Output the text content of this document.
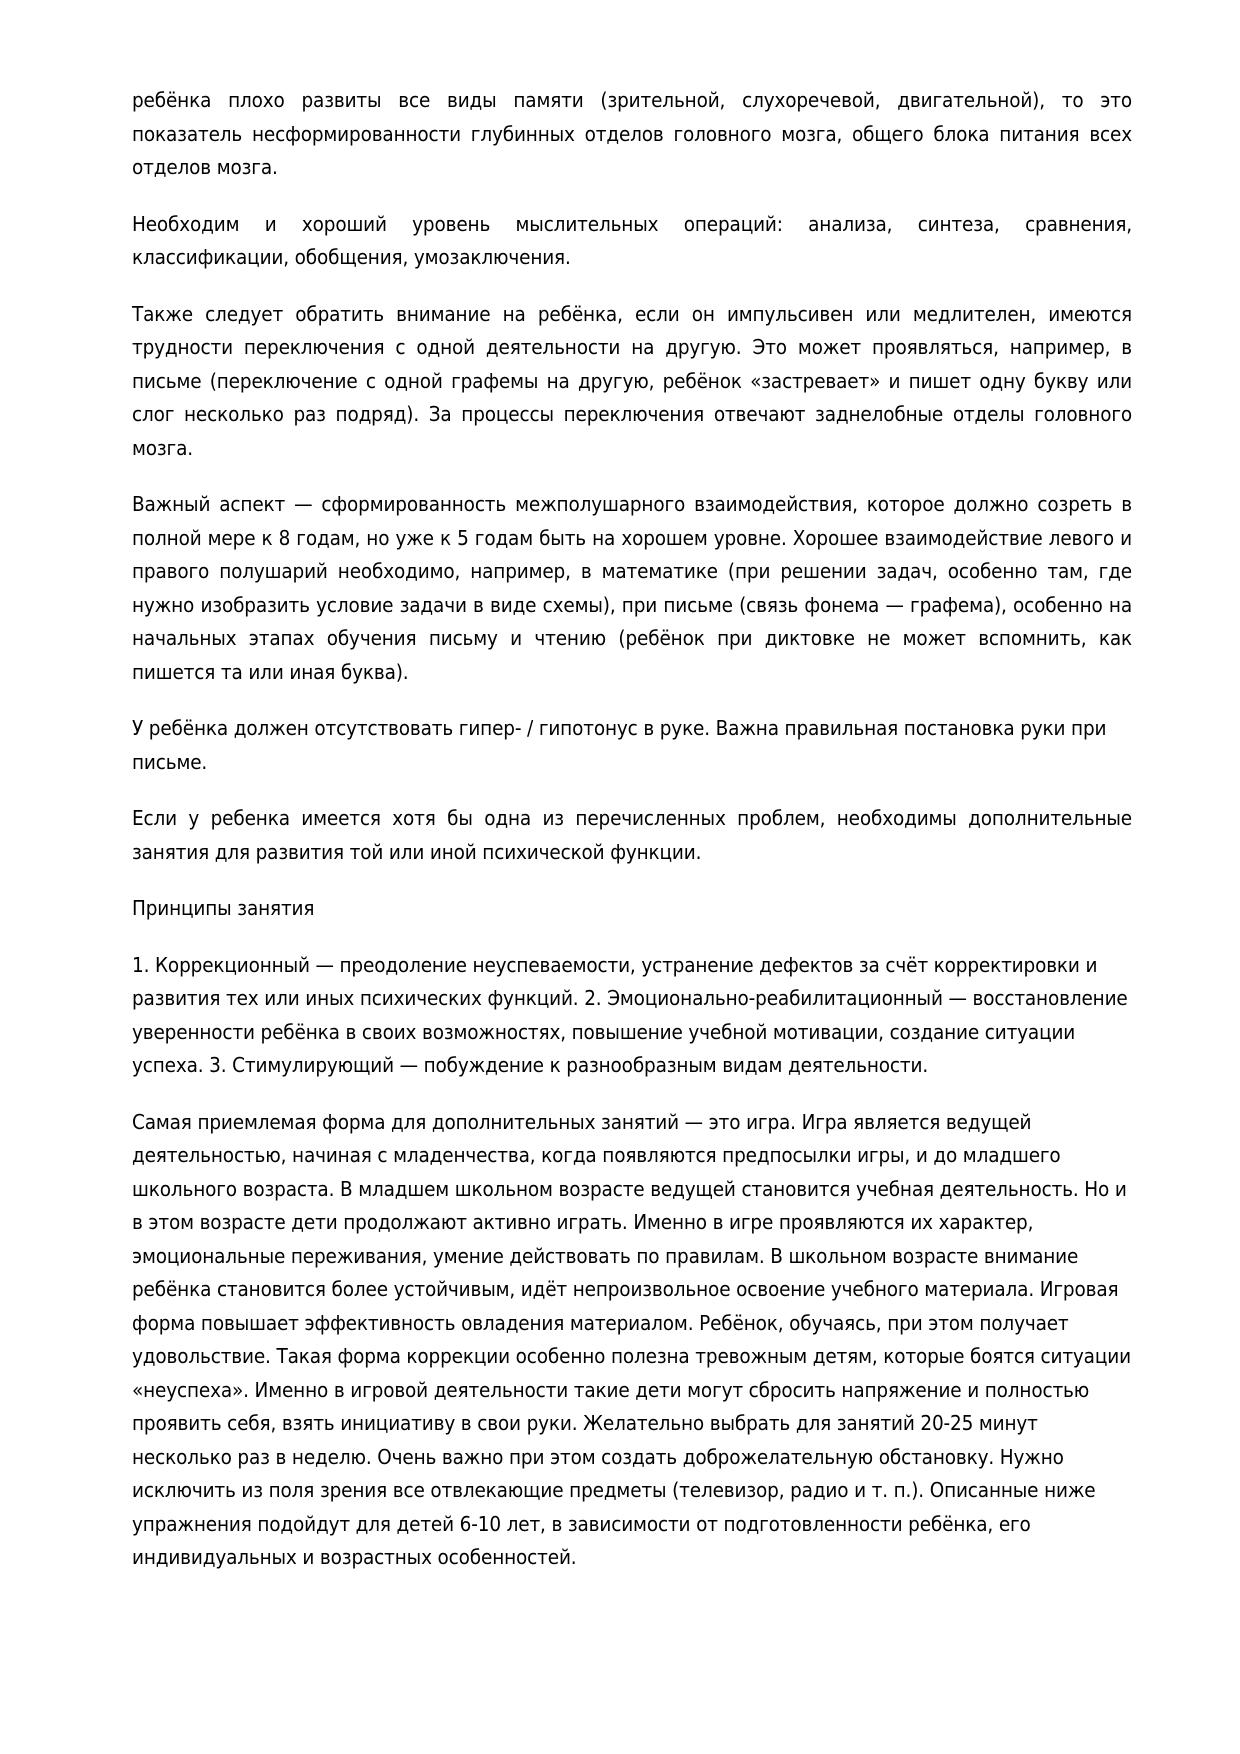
ребёнка плохо развиты все виды памяти (зрительной, слухоречевой, двигательной), то это показатель несформированности глубинных отделов головного мозга, общего блока питания всех отделов мозга.

Необходим и хороший уровень мыслительных операций: анализа, синтеза, сравнения, классификации, обобщения, умозаключения.

Также следует обратить внимание на ребёнка, если он импульсивен или медлителен, имеются трудности переключения с одной деятельности на другую. Это может проявляться, например, в письме (переключение с одной графемы на другую, ребёнок «застревает» и пишет одну букву или слог несколько раз подряд). За процессы переключения отвечают заднелобные отделы головного мозга.

Важный аспект — сформированность межполушарного взаимодействия, которое должно созреть в полной мере к 8 годам, но уже к 5 годам быть на хорошем уровне. Хорошее взаимодействие левого и правого полушарий необходимо, например, в математике (при решении задач, особенно там, где нужно изобразить условие задачи в виде схемы), при письме (связь фонема — графема), особенно на начальных этапах обучения письму и чтению (ребёнок при диктовке не может вспомнить, как пишется та или иная буква).

У ребёнка должен отсутствовать гипер- / гипотонус в руке. Важна правильная постановка руки при письме.

Если у ребенка имеется хотя бы одна из перечисленных проблем, необходимы дополнительные занятия для развития той или иной психической функции.

Принципы занятия

1. Коррекционный — преодоление неуспеваемости, устранение дефектов за счёт корректировки и развития тех или иных психических функций. 2. Эмоционально-реабилитационный — восстановление уверенности ребёнка в своих возможностях, повышение учебной мотивации, создание ситуации успеха. 3. Стимулирующий — побуждение к разнообразным видам деятельности.

Самая приемлемая форма для дополнительных занятий — это игра. Игра является ведущей деятельностью, начиная с младенчества, когда появляются предпосылки игры, и до младшего школьного возраста. В младшем школьном возрасте ведущей становится учебная деятельность. Но и в этом возрасте дети продолжают активно играть. Именно в игре проявляются их характер, эмоциональные переживания, умение действовать по правилам. В школьном возрасте внимание ребёнка становится более устойчивым, идёт непроизвольное освоение учебного материала. Игровая форма повышает эффективность овладения материалом. Ребёнок, обучаясь, при этом получает удовольствие. Такая форма коррекции особенно полезна тревожным детям, которые боятся ситуации «неуспеха». Именно в игровой деятельности такие дети могут сбросить напряжение и полностью проявить себя, взять инициативу в свои руки. Желательно выбрать для занятий 20-25 минут несколько раз в неделю. Очень важно при этом создать доброжелательную обстановку. Нужно исключить из поля зрения все отвлекающие предметы (телевизор, радио и т. п.). Описанные ниже упражнения подойдут для детей 6-10 лет, в зависимости от подготовленности ребёнка, его индивидуальных и возрастных особенностей.
